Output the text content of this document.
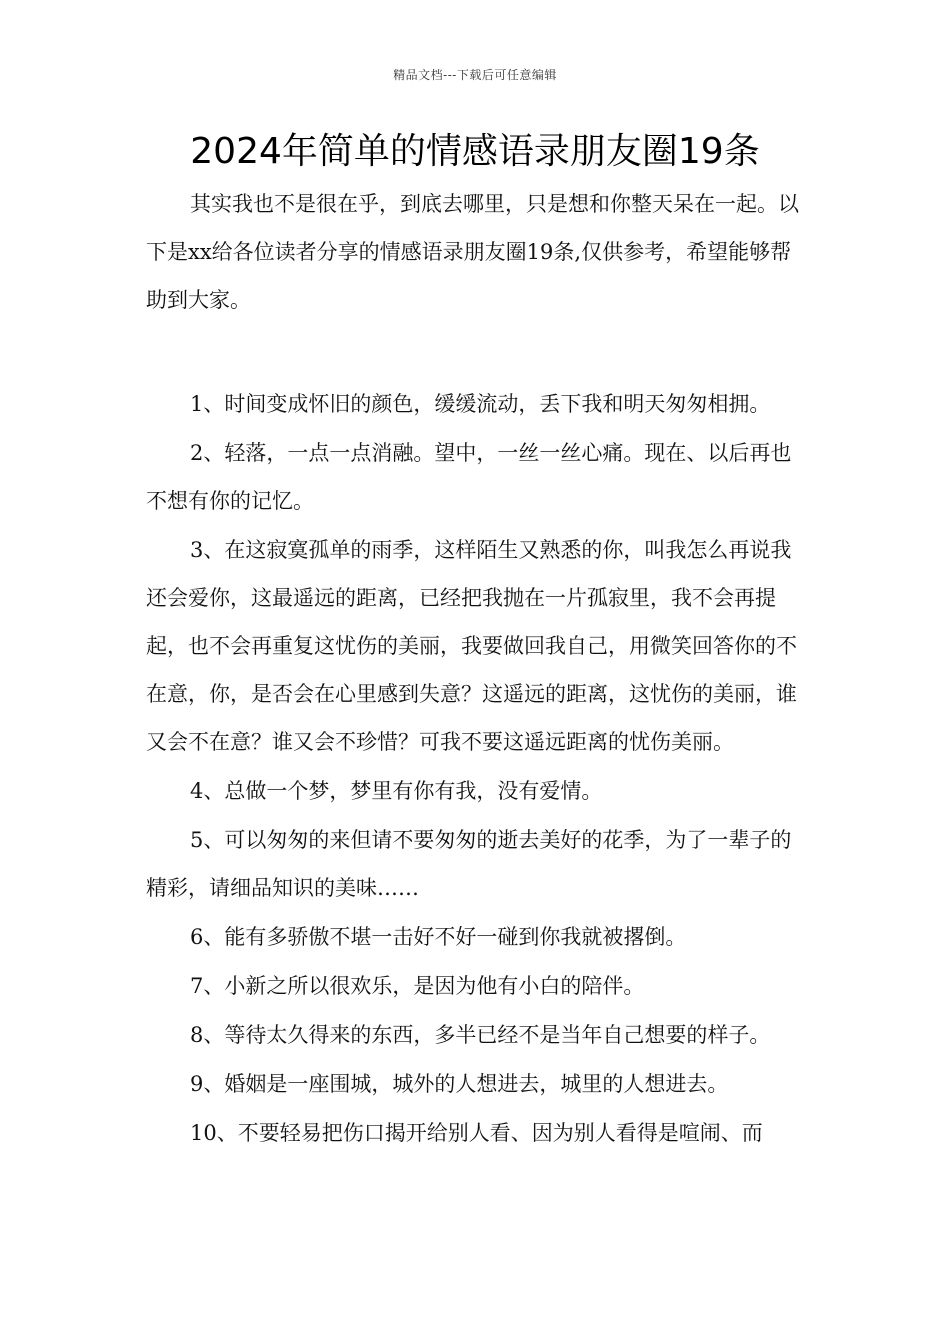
精品文档---下载后可任意编辑
2024年简单的情感语录朋友圈19条

其实我也不是很在乎，到底去哪里，只是想和你整天呆在一起。以下是xx给各位读者分享的情感语录朋友圈19条,仅供参考，希望能够帮助到大家。

1、时间变成怀旧的颜色，缓缓流动，丢下我和明天匆匆相拥。
2、轻落，一点一点消融。望中，一丝一丝心痛。现在、以后再也不想有你的记忆。
3、在这寂寞孤单的雨季，这样陌生又熟悉的你，叫我怎么再说我还会爱你，这最遥远的距离，已经把我抛在一片孤寂里，我不会再提起，也不会再重复这忧伤的美丽，我要做回我自己，用微笑回答你的不在意，你，是否会在心里感到失意？这遥远的距离，这忧伤的美丽，谁又会不在意？谁又会不珍惜？可我不要这遥远距离的忧伤美丽。
4、总做一个梦，梦里有你有我，没有爱情。
5、可以匆匆的来但请不要匆匆的逝去美好的花季，为了一辈子的精彩，请细品知识的美味……
6、能有多骄傲不堪一击好不好一碰到你我就被撂倒。
7、小新之所以很欢乐，是因为他有小白的陪伴。
8、等待太久得来的东西，多半已经不是当年自己想要的样子。
9、婚姻是一座围城，城外的人想进去，城里的人想进去。
10、不要轻易把伤口揭开给别人看、因为别人看得是喧闹、而
